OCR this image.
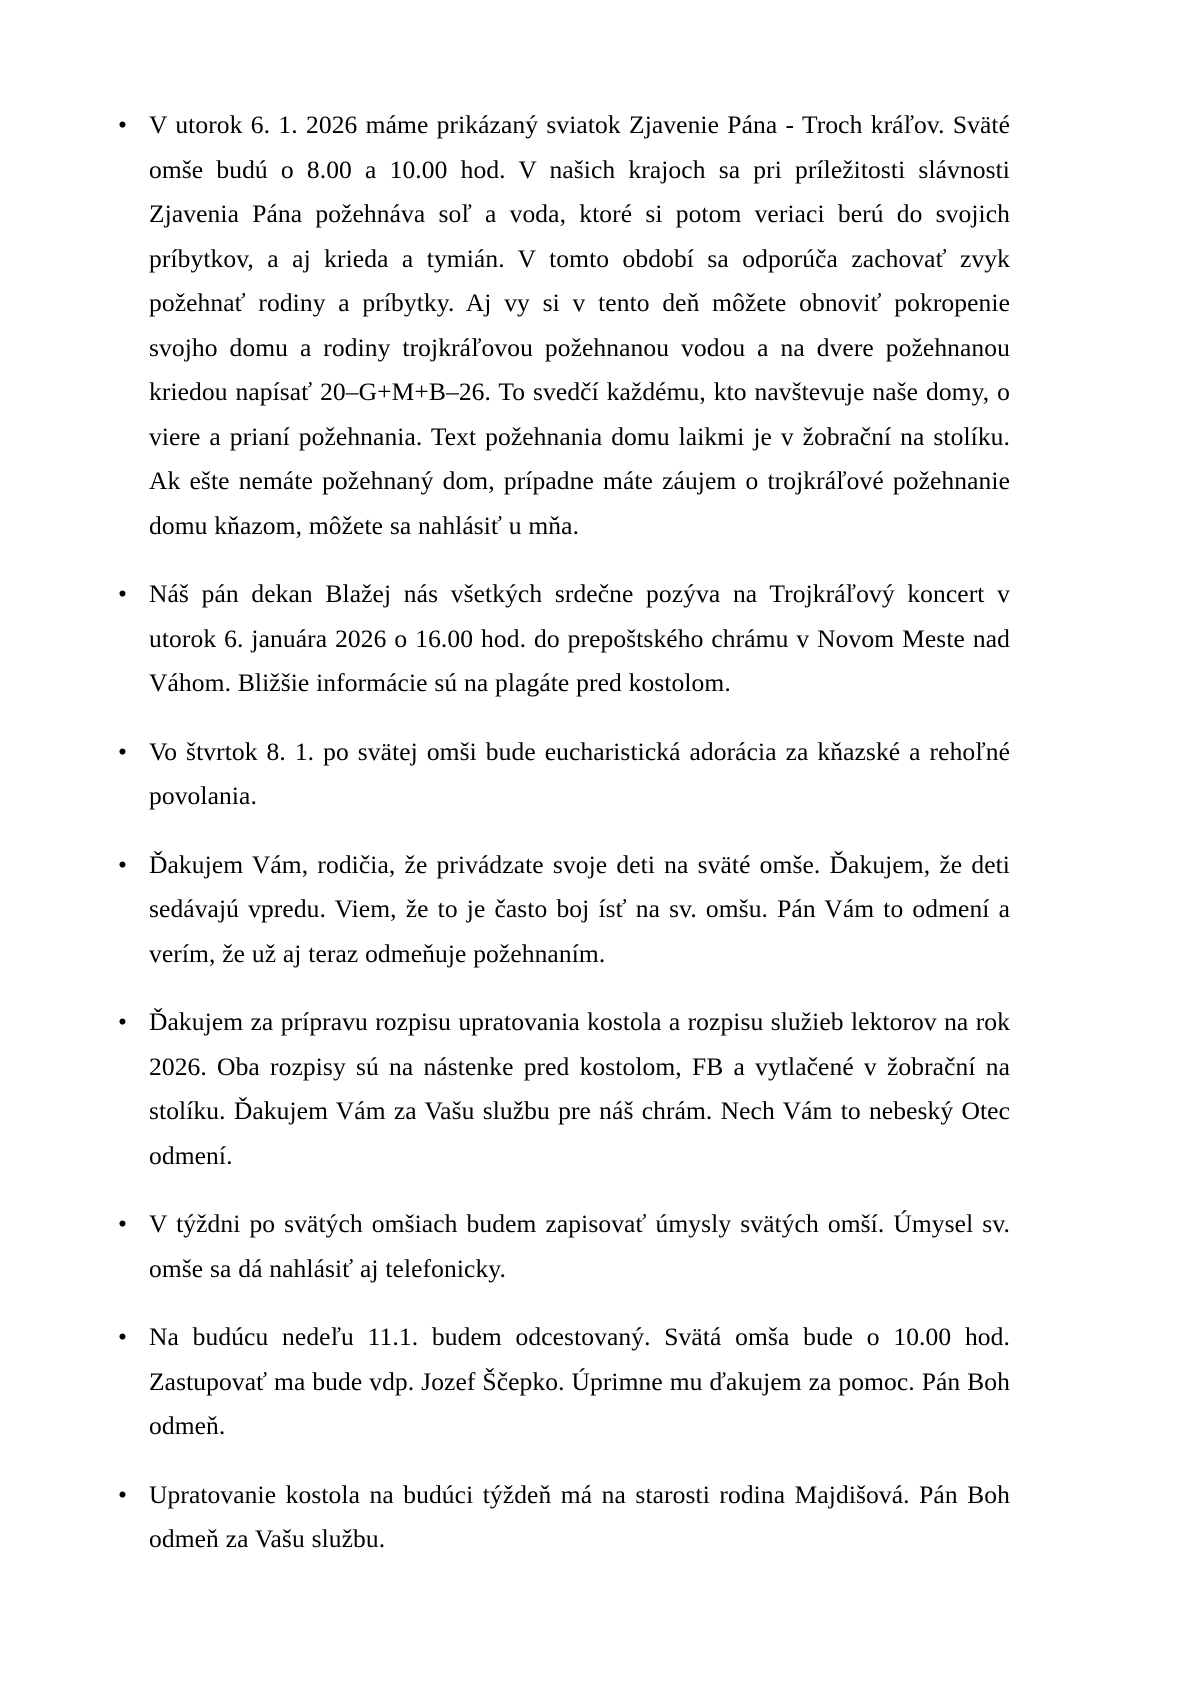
• V utorok 6. 1. 2026 máme prikázaný sviatok Zjavenie Pána - Troch kráľov. Sväté omše budú o 8.00 a 10.00 hod. V našich krajoch sa pri príležitosti slávnosti Zjavenia Pána požehnáva soľ a voda, ktoré si potom veriaci berú do svojich príbytkov, a aj krieda a tymián. V tomto období sa odporúča zachovať zvyk požehnať rodiny a príbytky. Aj vy si v tento deň môžete obnoviť pokropenie svojho domu a rodiny trojkráľovou požehnanou vodou a na dvere požehnanou kriedou napísať 20–G+M+B–26. To svedčí každému, kto navštevuje naše domy, o viere a prianí požehnania. Text požehnania domu laikmi je v žobrační na stolíku. Ak ešte nemáte požehnaný dom, prípadne máte záujem o trojkráľové požehnanie domu kňazom, môžete sa nahlásiť u mňa.
• Náš pán dekan Blažej nás všetkých srdečne pozýva na Trojkráľový koncert v utorok 6. januára 2026 o 16.00 hod. do prepoštského chrámu v Novom Meste nad Váhom. Bližšie informácie sú na plagáte pred kostolom.
• Vo štvrtok 8. 1. po svätej omši bude eucharistická adorácia za kňazské a rehoľné povolania.
• Ďakujem Vám, rodičia, že privádzate svoje deti na sväté omše. Ďakujem, že deti sedávajú vpredu. Viem, že to je často boj ísť na sv. omšu. Pán Vám to odmení a verím, že už aj teraz odmeňuje požehnaním.
• Ďakujem za prípravu rozpisu upratovania kostola a rozpisu služieb lektorov na rok 2026. Oba rozpisy sú na nástenke pred kostolom, FB a vytlačené v žobrační na stolíku. Ďakujem Vám za Vašu službu pre náš chrám. Nech Vám to nebeský Otec odmení.
• V týždni po svätých omšiach budem zapisovať úmysly svätých omší. Úmysel sv. omše sa dá nahlásiť aj telefonicky.
• Na budúcu nedeľu 11.1. budem odcestovaný. Svätá omša bude o 10.00 hod. Zastupovať ma bude vdp. Jozef Ščepko. Úprimne mu ďakujem za pomoc. Pán Boh odmeň.
• Upratovanie kostola na budúci týždeň má na starosti rodina Majdišová. Pán Boh odmeň za Vašu službu.
